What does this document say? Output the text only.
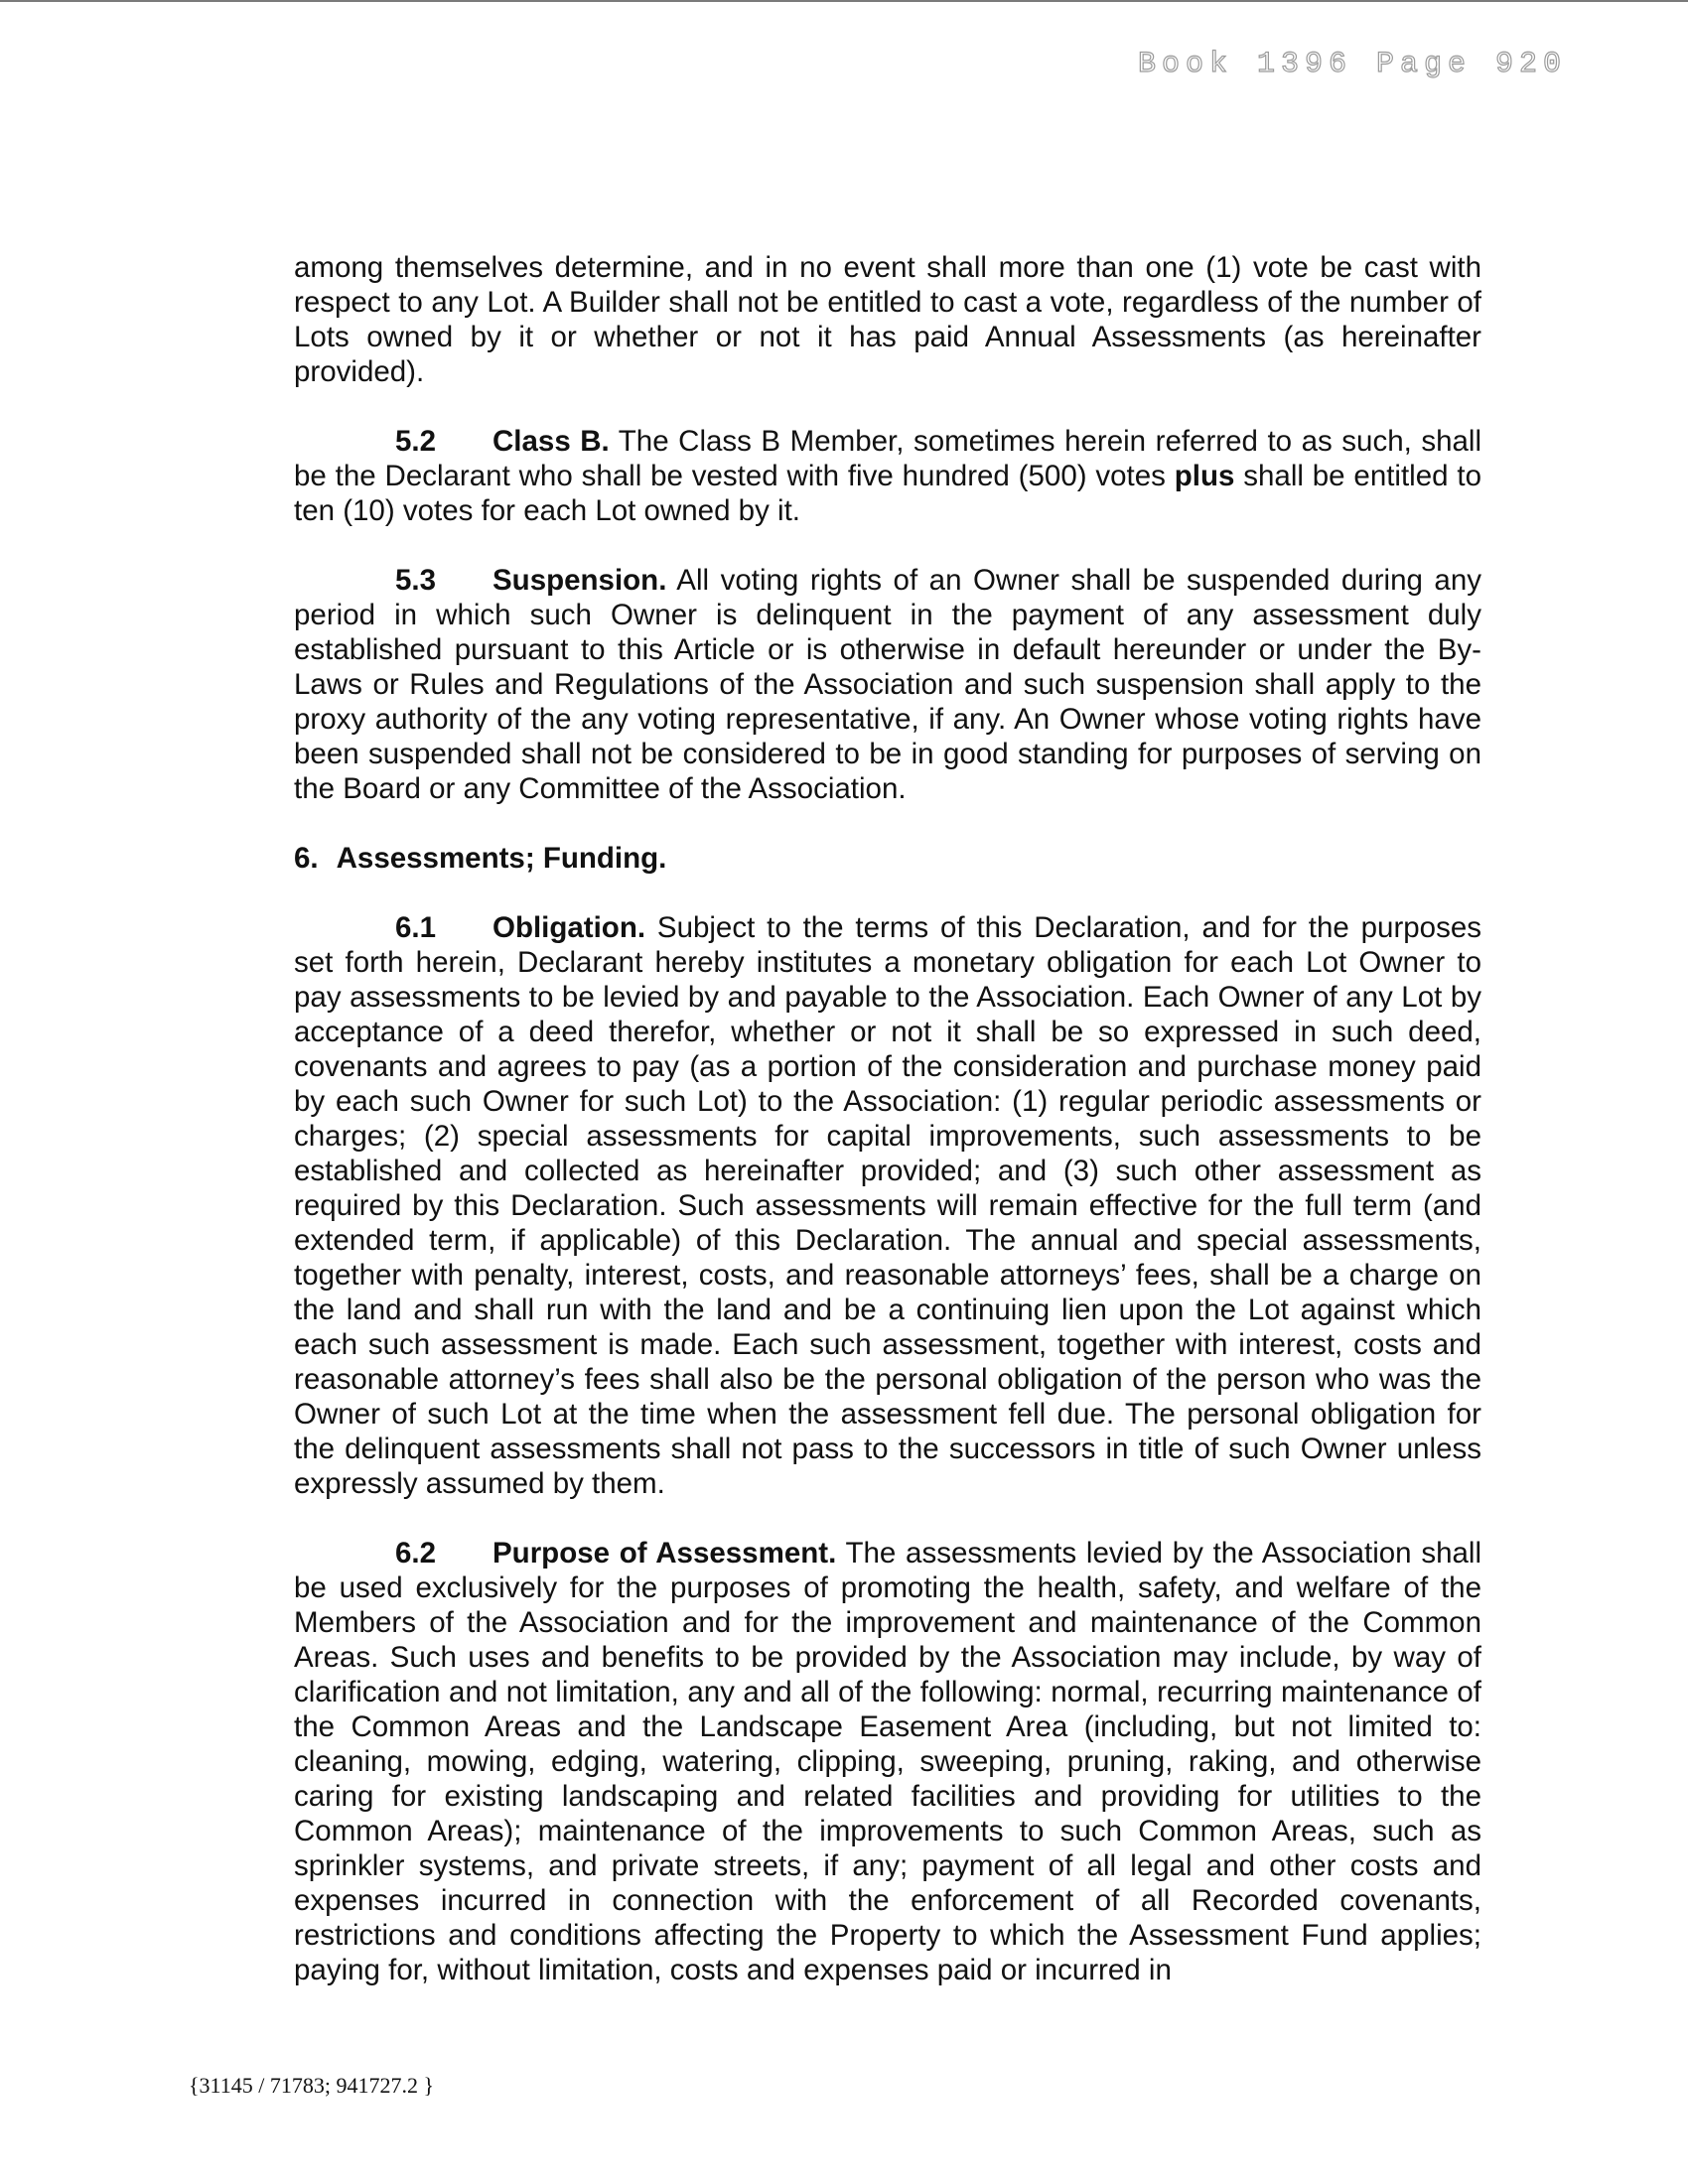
Book 1396 Page 920

among themselves determine, and in no event shall more than one (1) vote be cast with respect to any Lot. A Builder shall not be entitled to cast a vote, regardless of the number of Lots owned by it or whether or not it has paid Annual Assessments (as hereinafter provided).

5.2 Class B. The Class B Member, sometimes herein referred to as such, shall be the Declarant who shall be vested with five hundred (500) votes plus shall be entitled to ten (10) votes for each Lot owned by it.

5.3 Suspension. All voting rights of an Owner shall be suspended during any period in which such Owner is delinquent in the payment of any assessment duly established pursuant to this Article or is otherwise in default hereunder or under the By-Laws or Rules and Regulations of the Association and such suspension shall apply to the proxy authority of the any voting representative, if any. An Owner whose voting rights have been suspended shall not be considered to be in good standing for purposes of serving on the Board or any Committee of the Association.

6. Assessments; Funding.

6.1 Obligation. Subject to the terms of this Declaration, and for the purposes set forth herein, Declarant hereby institutes a monetary obligation for each Lot Owner to pay assessments to be levied by and payable to the Association. Each Owner of any Lot by acceptance of a deed therefor, whether or not it shall be so expressed in such deed, covenants and agrees to pay (as a portion of the consideration and purchase money paid by each such Owner for such Lot) to the Association: (1) regular periodic assessments or charges; (2) special assessments for capital improvements, such assessments to be established and collected as hereinafter provided; and (3) such other assessment as required by this Declaration. Such assessments will remain effective for the full term (and extended term, if applicable) of this Declaration. The annual and special assessments, together with penalty, interest, costs, and reasonable attorneys’ fees, shall be a charge on the land and shall run with the land and be a continuing lien upon the Lot against which each such assessment is made. Each such assessment, together with interest, costs and reasonable attorney’s fees shall also be the personal obligation of the person who was the Owner of such Lot at the time when the assessment fell due. The personal obligation for the delinquent assessments shall not pass to the successors in title of such Owner unless expressly assumed by them.

6.2 Purpose of Assessment. The assessments levied by the Association shall be used exclusively for the purposes of promoting the health, safety, and welfare of the Members of the Association and for the improvement and maintenance of the Common Areas. Such uses and benefits to be provided by the Association may include, by way of clarification and not limitation, any and all of the following: normal, recurring maintenance of the Common Areas and the Landscape Easement Area (including, but not limited to: cleaning, mowing, edging, watering, clipping, sweeping, pruning, raking, and otherwise caring for existing landscaping and related facilities and providing for utilities to the Common Areas); maintenance of the improvements to such Common Areas, such as sprinkler systems, and private streets, if any; payment of all legal and other costs and expenses incurred in connection with the enforcement of all Recorded covenants, restrictions and conditions affecting the Property to which the Assessment Fund applies; paying for, without limitation, costs and expenses paid or incurred in

{31145 / 71783; 941727.2 }
